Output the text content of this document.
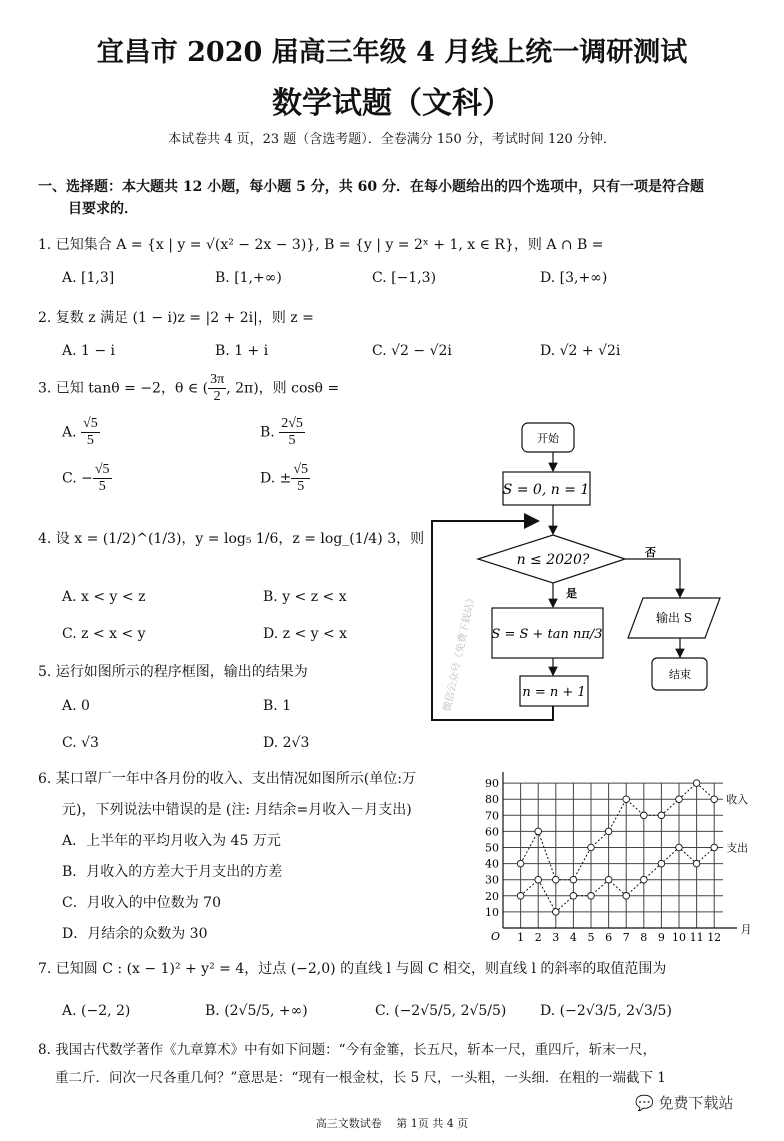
宜昌市 2020 届高三年级 4 月线上统一调研测试
数学试题（文科）
本试卷共 4 页，23 题（含选考题）．全卷满分 150 分，考试时间 120 分钟．
一、选择题：本大题共 12 小题，每小题 5 分，共 60 分．在每小题给出的四个选项中，只有一项是符合题
目要求的．
1. 已知集合 A = {x | y = √(x² − 2x − 3)}, B = {y | y = 2ˣ + 1, x ∈ R}，则 A ∩ B =
A. [1,3]	B. [1,+∞)	C. [−1,3)	D. [3,+∞)
2. 复数 z 满足 (1 − i)z = |2 + 2i|，则 z =
A. 1 − i	B. 1 + i	C. √2 − √2i	D. √2 + √2i
3. 已知 tanθ = −2，θ ∈ ( $\frac{3\pi}{2}$ , 2π)，则 cosθ =
A. $\frac{√5}{5}$	B. $\frac{2√5}{5}$
C. − $\frac{√5}{5}$	D. ± $\frac{√5}{5}$
4. 设 x = (1/2)^(1/3)，y = log₅ 1/6，z = log_(1/4) 3，则
A. x < y < z	B. y < z < x
C. z < x < y	D. z < y < x
5. 运行如图所示的程序框图，输出的结果为
A. 0	B. 1
C. √3	D. 2√3
开始
S = 0, n = 1
n ≤ 2020?
是
否
S = S + tan nπ/3
n = n + 1
输出 S
结束
微信公众号《免费下载站》
6. 某口罩厂一年中各月份的收入、支出情况如图所示(单位:万
元)，下列说法中错误的是 (注: 月结余=月收入－月支出)
A．上半年的平均月收入为 45 万元
B．月收入的方差大于月支出的方差
C．月收入的中位数为 70
D．月结余的众数为 30
10
20
30
40
50
60
70
80
90
1 2 3 4 5 6 7 8 9 10 11 12
O
月
收入
支出
7. 已知圆 C : (x − 1)² + y² = 4，过点 (−2,0) 的直线 l 与圆 C 相交，则直线 l 的斜率的取值范围为
A. (−2, 2)	B. (2√5/5, +∞)	C. (−2√5/5, 2√5/5) D. (−2√3/5, 2√3/5)
8. 我国古代数学著作《九章算术》中有如下问题：“今有金箠，长五尺，斩本一尺，重四斤，斩末一尺，
重二斤．问次一尺各重几何？”意思是：“现有一根金杖，长 5 尺，一头粗，一头细．在粗的一端截下 1
高三文数试卷　 第 1页 共 4 页
💬 免费下载站
